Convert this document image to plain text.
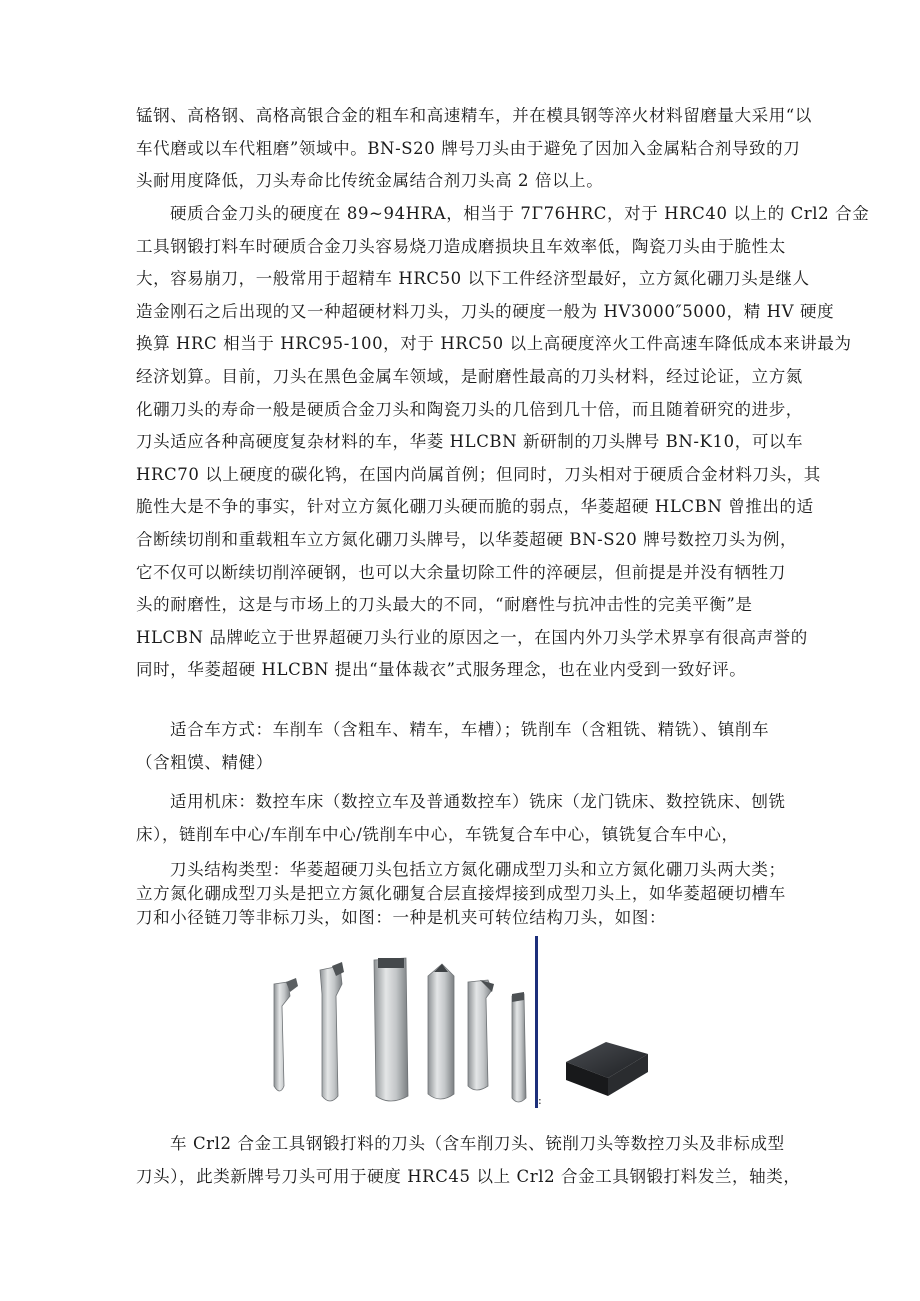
锰钢、高格钢、高格高银合金的粗车和高速精车，并在模具钢等淬火材料留磨量大采用“以
车代磨或以车代粗磨”领域中。BN-S20 牌号刀头由于避免了因加入金属粘合剂导致的刀
头耐用度降低，刀头寿命比传统金属结合剂刀头高 2 倍以上。
硬质合金刀头的硬度在 89~94HRA，相当于 7Γ76HRC，对于 HRC40 以上的 Crl2 合金
工具钢锻打料车时硬质合金刀头容易烧刀造成磨损块且车效率低，陶瓷刀头由于脆性太
大，容易崩刀，一般常用于超精车 HRC50 以下工件经济型最好，立方氮化硼刀头是继人
造金刚石之后出现的又一种超硬材料刀头，刀头的硬度一般为 HV3000″5000，精 HV 硬度
换算 HRC 相当于 HRC95-100，对于 HRC50 以上高硬度淬火工件高速车降低成本来讲最为
经济划算。目前，刀头在黑色金属车领域，是耐磨性最高的刀头材料，经过论证，立方氮
化硼刀头的寿命一般是硬质合金刀头和陶瓷刀头的几倍到几十倍，而且随着研究的进步，
刀头适应各种高硬度复杂材料的车，华菱 HLCBN 新研制的刀头牌号 BN-K10，可以车
HRC70 以上硬度的碳化鸨，在国内尚属首例；但同时，刀头相对于硬质合金材料刀头，其
脆性大是不争的事实，针对立方氮化硼刀头硬而脆的弱点，华菱超硬 HLCBN 曾推出的适
合断续切削和重载粗车立方氮化硼刀头牌号，以华菱超硬 BN-S20 牌号数控刀头为例，
它不仅可以断续切削淬硬钢，也可以大余量切除工件的淬硬层，但前提是并没有牺牲刀
头的耐磨性，这是与市场上的刀头最大的不同，“耐磨性与抗冲击性的完美平衡”是
HLCBN 品牌屹立于世界超硬刀头行业的原因之一，在国内外刀头学术界享有很高声誉的
同时，华菱超硬 HLCBN 提出“量体裁衣”式服务理念，也在业内受到一致好评。
适合车方式：车削车（含粗车、精车，车槽）；铣削车（含粗铣、精铣）、镇削车
（含粗馍、精健）
适用机床：数控车床（数控立车及普通数控车）铣床（龙门铣床、数控铣床、刨铣
床），链削车中心/车削车中心/铣削车中心，车铣复合车中心，镇铣复合车中心，
刀头结构类型：华菱超硬刀头包括立方氮化硼成型刀头和立方氮化硼刀头两大类；
立方氮化硼成型刀头是把立方氮化硼复合层直接焊接到成型刀头上，如华菱超硬切槽车
刀和小径链刀等非标刀头，如图：一种是机夹可转位结构刀头，如图：
:
车 Crl2 合金工具钢锻打料的刀头（含车削刀头、铳削刀头等数控刀头及非标成型
刀头），此类新牌号刀头可用于硬度 HRC45 以上 Crl2 合金工具钢锻打料发兰，轴类，
